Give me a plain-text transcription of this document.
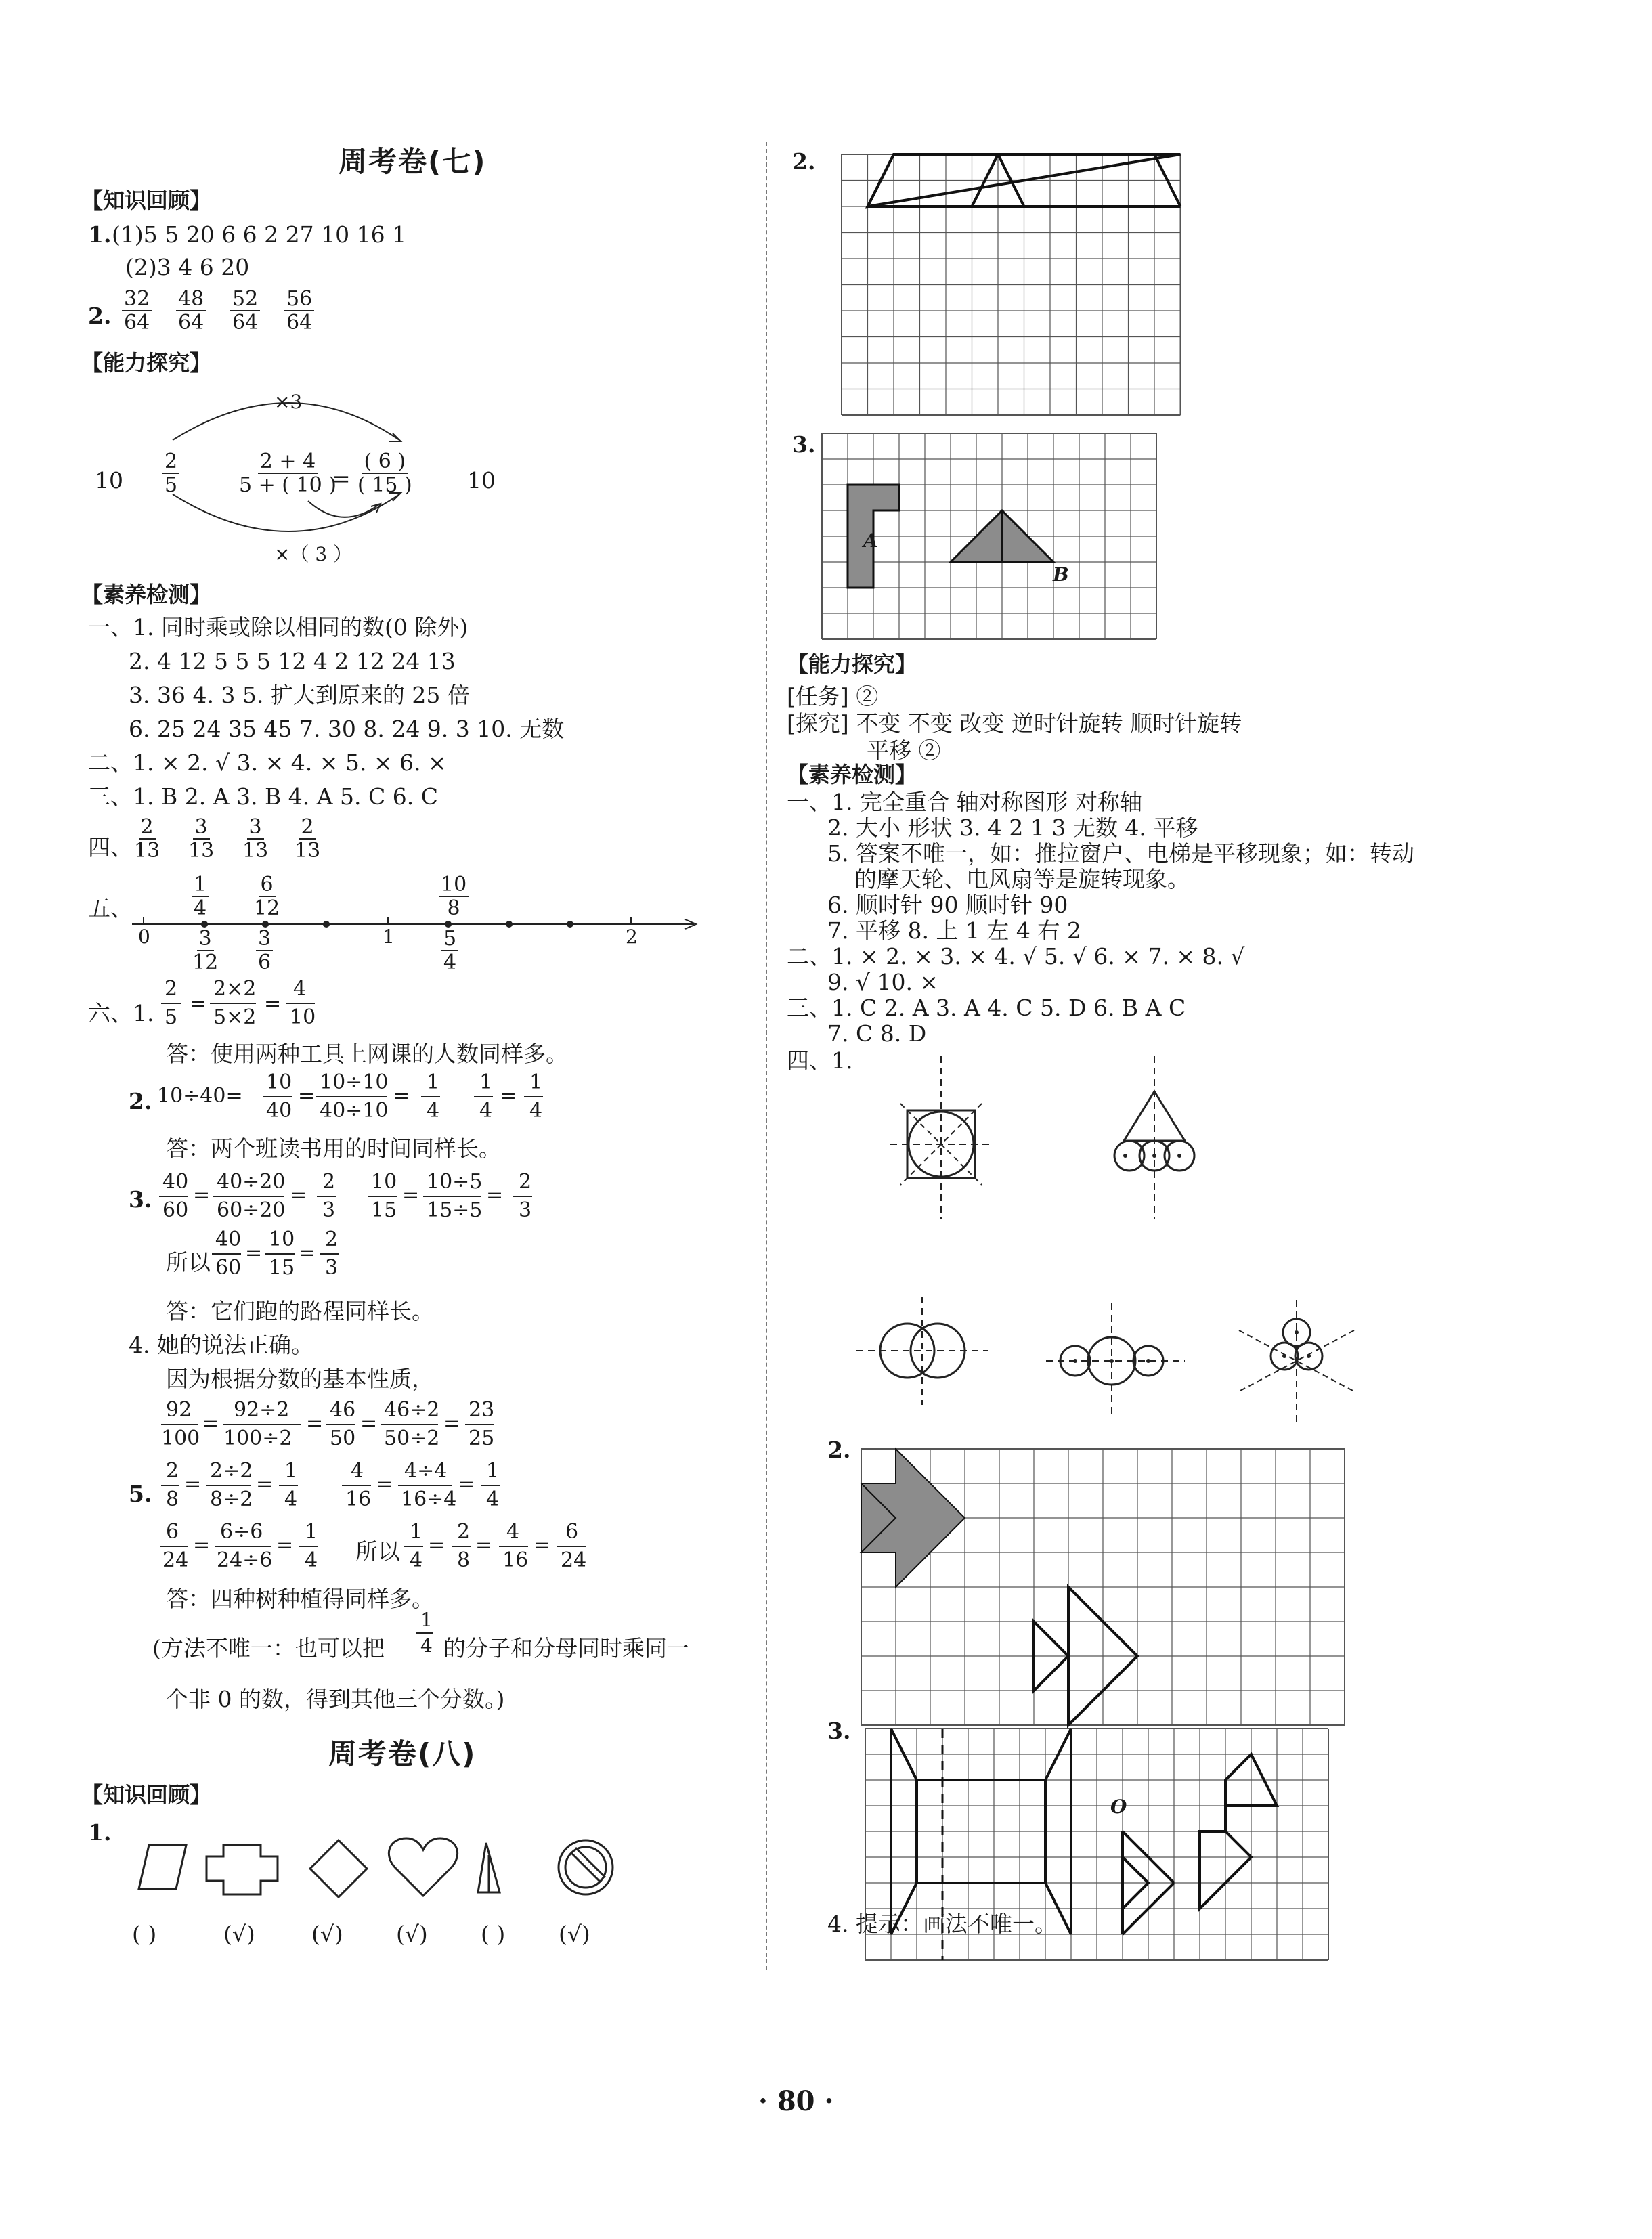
周考卷(七)
【知识回顾】
1. (1)5 5 20 6 6 2 27 10 16 1
(2)3 4 6 20
2. $\frac{32}{64} \frac{48}{64} \frac{52}{64} \frac{56}{64}$
【能力探究】
×3
$10 \frac{2}{5}$	$\frac{2 + 4}{5 + ( 10 )}$
= $\frac{( 6 )}{( 15 )} 10$
×（ 3 ）
【素养检测】
一、1. 同时乘或除以相同的数(0 除外)
2. 4 12 5 5 5 12 4 2 12 24 13
3. 36 4. 3 5. 扩大到原来的 25 倍
6. 25 24 35 45 7. 30 8. 24 9. 3 10. 无数
二、1. × 2. √ 3. × 4. × 5. × 6. ×
三、1. B 2. A 3. B 4. A 5. C 6. C
四、 $\frac{2}{13} \frac{3}{13} \frac{3}{13} \frac{2}{13}$
五、	$\frac{1}{4} \frac{6}{12}$	$\frac{10}{8}$
0	1	2
$\frac{3}{12} \frac{3}{6}$	$\frac{5}{4}$
六、1.
2
5
=
2×2
5×2
=
4
10
答：使用两种工具上网课的人数同样多。
2. 10÷40=
10
40
=
10÷10
40÷10
=
1
4
1
4
=
1
4
答：两个班读书用的时间同样长。
3.
40
60
=
40÷20
60÷20
=
2
3
10
15
=
10÷5
15÷5
=
2
3
所以
40
60
=
10
15
=
2
3
答：它们跑的路程同样长。
4. 她的说法正确。
因为根据分数的基本性质，
92
100
=
92÷2
100÷2
=
46
50
=
46÷2
50÷2
=
23
25
5.
2
8
=
2÷2
8÷2
=
1
4
4
16
=
4÷4
16÷4
=
1
4
6
24
=
6÷6
24÷6
=
1
4
1
4
=
2
8
=
4
16
=
6
24
所以
答：四种树种植得同样多。
(方法不唯一：也可以把
1
4 的分子和分母同时乘同一
个非 0 的数，得到其他三个分数。)
周考卷(八)
【知识回顾】
1.
( )	(√)	(√) (√) ( ) (√)
2.
3.
A
B
【能力探究】
[任务] ②
[探究] 不变 不变 改变 逆时针旋转 顺时针旋转
平移 ②
【素养检测】
一、1. 完全重合 轴对称图形 对称轴
2. 大小 形状 3. 4 2 1 3 无数 4. 平移
5. 答案不唯一，如：推拉窗户、电梯是平移现象；如：转动
的摩天轮、电风扇等是旋转现象。
6. 顺时针 90 顺时针 90
7. 平移 8. 上 1 左 4 右 2
二、1. × 2. × 3. × 4. √ 5. √ 6. × 7. × 8. √
9. √ 10. ×
三、1. C 2. A 3. A 4. C 5. D 6. B A C
7. C 8. D
四、1.
2.
3.
O
4. 提示：画法不唯一。
· 80 ·
